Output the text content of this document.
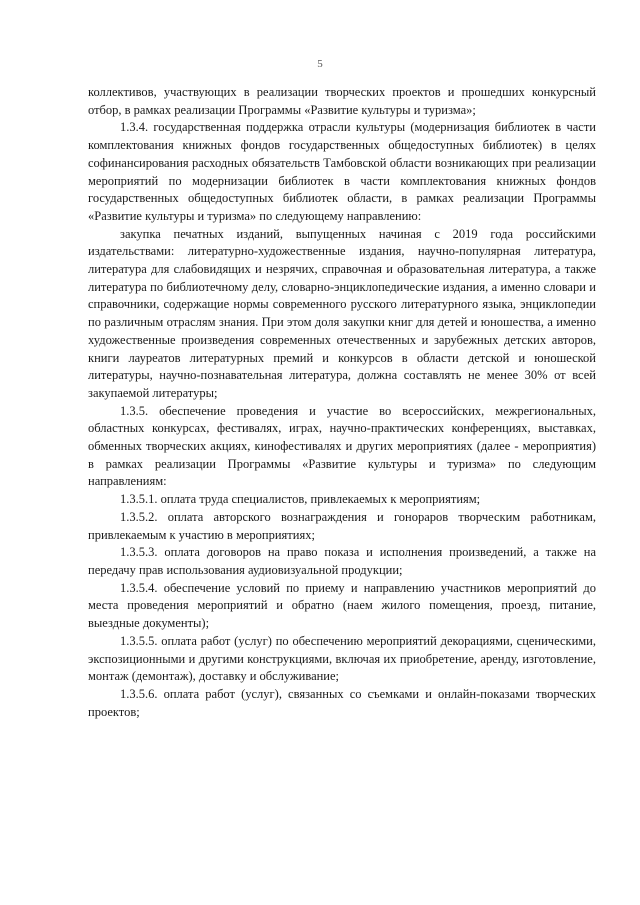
5

коллективов, участвующих в реализации творческих проектов и прошедших конкурсный отбор, в рамках реализации Программы «Развитие культуры и туризма»;

1.3.4. государственная поддержка отрасли культуры (модернизация библиотек в части комплектования книжных фондов государственных общедоступных библиотек) в целях софинансирования расходных обязательств Тамбовской области возникающих при реализации мероприятий по модернизации библиотек в части комплектования книжных фондов государственных общедоступных библиотек области, в рамках реализации Программы «Развитие культуры и туризма» по следующему направлению:

закупка печатных изданий, выпущенных начиная с 2019 года российскими издательствами: литературно-художественные издания, научно-популярная литература, литература для слабовидящих и незрячих, справочная и образовательная литература, а также литература по библиотечному делу, словарно-энциклопедические издания, а именно словари и справочники, содержащие нормы современного русского литературного языка, энциклопедии по различным отраслям знания. При этом доля закупки книг для детей и юношества, а именно художественные произведения современных отечественных и зарубежных детских авторов, книги лауреатов литературных премий и конкурсов в области детской и юношеской литературы, научно-познавательная литература, должна составлять не менее 30% от всей закупаемой литературы;

1.3.5. обеспечение проведения и участие во всероссийских, межрегиональных, областных конкурсах, фестивалях, играх, научно-практических конференциях, выставках, обменных творческих акциях, кинофестивалях и других мероприятиях (далее - мероприятия) в рамках реализации Программы «Развитие культуры и туризма» по следующим направлениям:

1.3.5.1. оплата труда специалистов, привлекаемых к мероприятиям;

1.3.5.2. оплата авторского вознаграждения и гонораров творческим работникам, привлекаемым к участию в мероприятиях;

1.3.5.3. оплата договоров на право показа и исполнения произведений, а также на передачу прав использования аудиовизуальной продукции;

1.3.5.4. обеспечение условий по приему и направлению участников мероприятий до места проведения мероприятий и обратно (наем жилого помещения, проезд, питание, выездные документы);

1.3.5.5. оплата работ (услуг) по обеспечению мероприятий декорациями, сценическими, экспозиционными и другими конструкциями, включая их приобретение, аренду, изготовление, монтаж (демонтаж), доставку и обслуживание;

1.3.5.6. оплата работ (услуг), связанных со съемками и онлайн-показами творческих проектов;
